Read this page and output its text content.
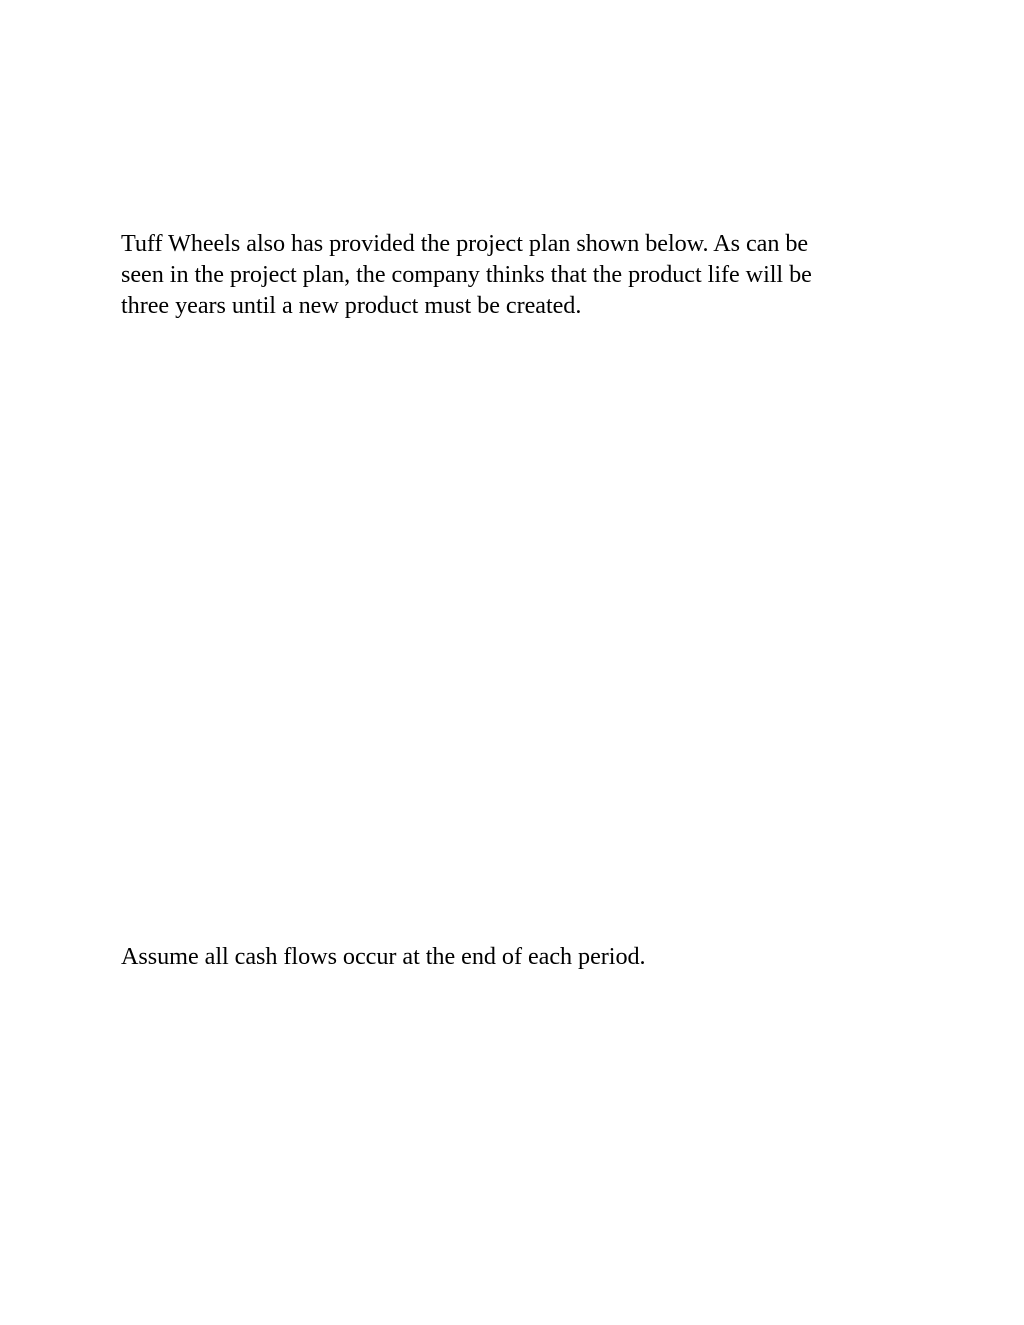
Tuff Wheels also has provided the project plan shown below. As can be
seen in the project plan, the company thinks that the product life will be
three years until a new product must be created.

Assume all cash flows occur at the end of each period.
